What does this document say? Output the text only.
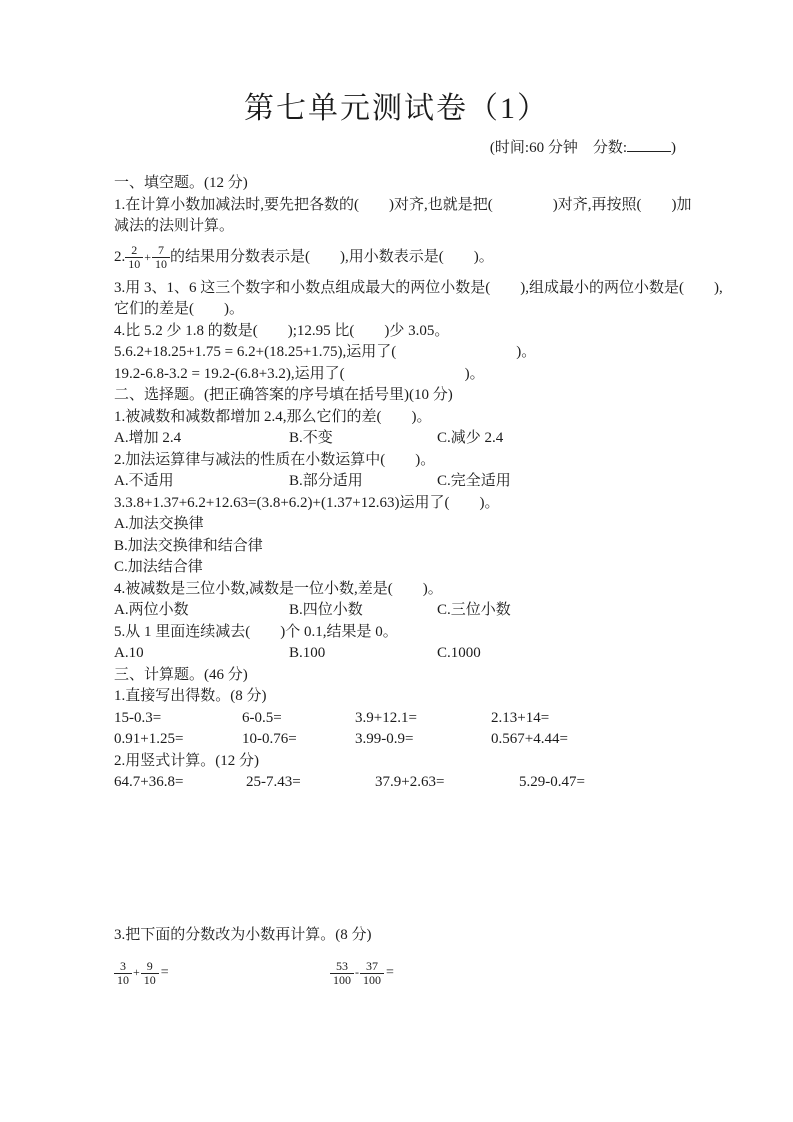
第七单元测试卷（1）
(时间:60 分钟　分数:	)
一、填空题。(12 分)
1.在计算小数加减法时,要先把各数的(　　)对齐,也就是把(　　　　)对齐,再按照(　　)加
减法的法则计算。
2. $\frac{2}{10} + \frac{7}{10}$ 的结果用分数表示是(　　),用小数表示是(　　)。
3.用 3、1、6 这三个数字和小数点组成最大的两位小数是(　　),组成最小的两位小数是(　　),
它们的差是(　　)。
4.比 5.2 少 1.8 的数是(　　);12.95 比(　　)少 3.05。
5.6.2+18.25+1.75 = 6.2+(18.25+1.75),运用了(　　　　　　　　)。
19.2-6.8-3.2 = 19.2-(6.8+3.2),运用了(　　　　　　　　)。
二、选择题。(把正确答案的序号填在括号里)(10 分)
1.被减数和减数都增加 2.4,那么它们的差(　　)。
A.增加 2.4	B.不变	C.减少 2.4
2.加法运算律与减法的性质在小数运算中(　　)。
A.不适用	B.部分适用	C.完全适用
3.3.8+1.37+6.2+12.63=(3.8+6.2)+(1.37+12.63)运用了(　　)。
A.加法交换律
B.加法交换律和结合律
C.加法结合律
4.被减数是三位小数,减数是一位小数,差是(　　)。
A.两位小数	B.四位小数	C.三位小数
5.从 1 里面连续减去(　　)个 0.1,结果是 0。
A.10	B.100	C.1000
三、计算题。(46 分)
1.直接写出得数。(8 分)
15-0.3=	6-0.5=	3.9+12.1=	2.13+14=
0.91+1.25=	10-0.76=	3.99-0.9=	0.567+4.44=
2.用竖式计算。(12 分)
64.7+36.8=	25-7.43=	37.9+2.63=	5.29-0.47=
3.把下面的分数改为小数再计算。(8 分)
$\frac{3}{10} + \frac{9}{10}$ =	$\frac{53}{100} - \frac{37}{100}$ =
